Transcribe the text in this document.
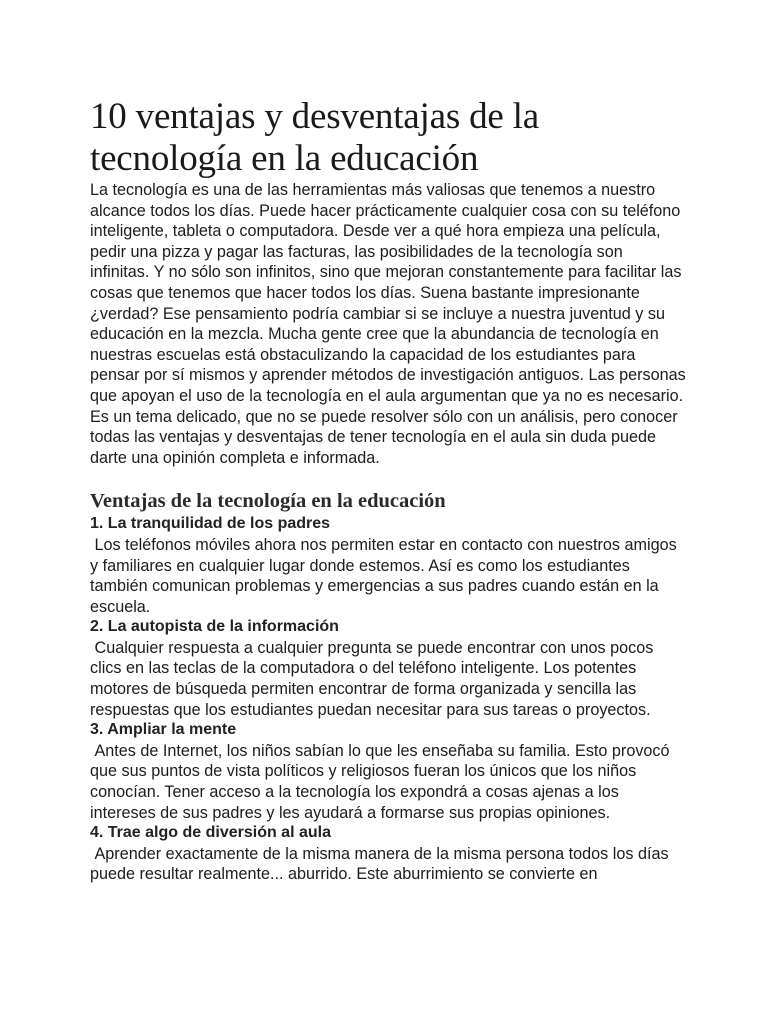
10 ventajas y desventajas de la tecnología en la educación

La tecnología es una de las herramientas más valiosas que tenemos a nuestro alcance todos los días. Puede hacer prácticamente cualquier cosa con su teléfono inteligente, tableta o computadora. Desde ver a qué hora empieza una película, pedir una pizza y pagar las facturas, las posibilidades de la tecnología son infinitas. Y no sólo son infinitos, sino que mejoran constantemente para facilitar las cosas que tenemos que hacer todos los días. Suena bastante impresionante ¿verdad? Ese pensamiento podría cambiar si se incluye a nuestra juventud y su educación en la mezcla. Mucha gente cree que la abundancia de tecnología en nuestras escuelas está obstaculizando la capacidad de los estudiantes para pensar por sí mismos y aprender métodos de investigación antiguos. Las personas que apoyan el uso de la tecnología en el aula argumentan que ya no es necesario. Es un tema delicado, que no se puede resolver sólo con un análisis, pero conocer todas las ventajas y desventajas de tener tecnología en el aula sin duda puede darte una opinión completa e informada.

Ventajas de la tecnología en la educación
1. La tranquilidad de los padres

Los teléfonos móviles ahora nos permiten estar en contacto con nuestros amigos y familiares en cualquier lugar donde estemos. Así es como los estudiantes también comunican problemas y emergencias a sus padres cuando están en la escuela.

2. La autopista de la información

Cualquier respuesta a cualquier pregunta se puede encontrar con unos pocos clics en las teclas de la computadora o del teléfono inteligente. Los potentes motores de búsqueda permiten encontrar de forma organizada y sencilla las respuestas que los estudiantes puedan necesitar para sus tareas o proyectos.

3. Ampliar la mente

Antes de Internet, los niños sabían lo que les enseñaba su familia. Esto provocó que sus puntos de vista políticos y religiosos fueran los únicos que los niños conocían. Tener acceso a la tecnología los expondrá a cosas ajenas a los intereses de sus padres y les ayudará a formarse sus propias opiniones.

4. Trae algo de diversión al aula

Aprender exactamente de la misma manera de la misma persona todos los días puede resultar realmente... aburrido. Este aburrimiento se convierte en
